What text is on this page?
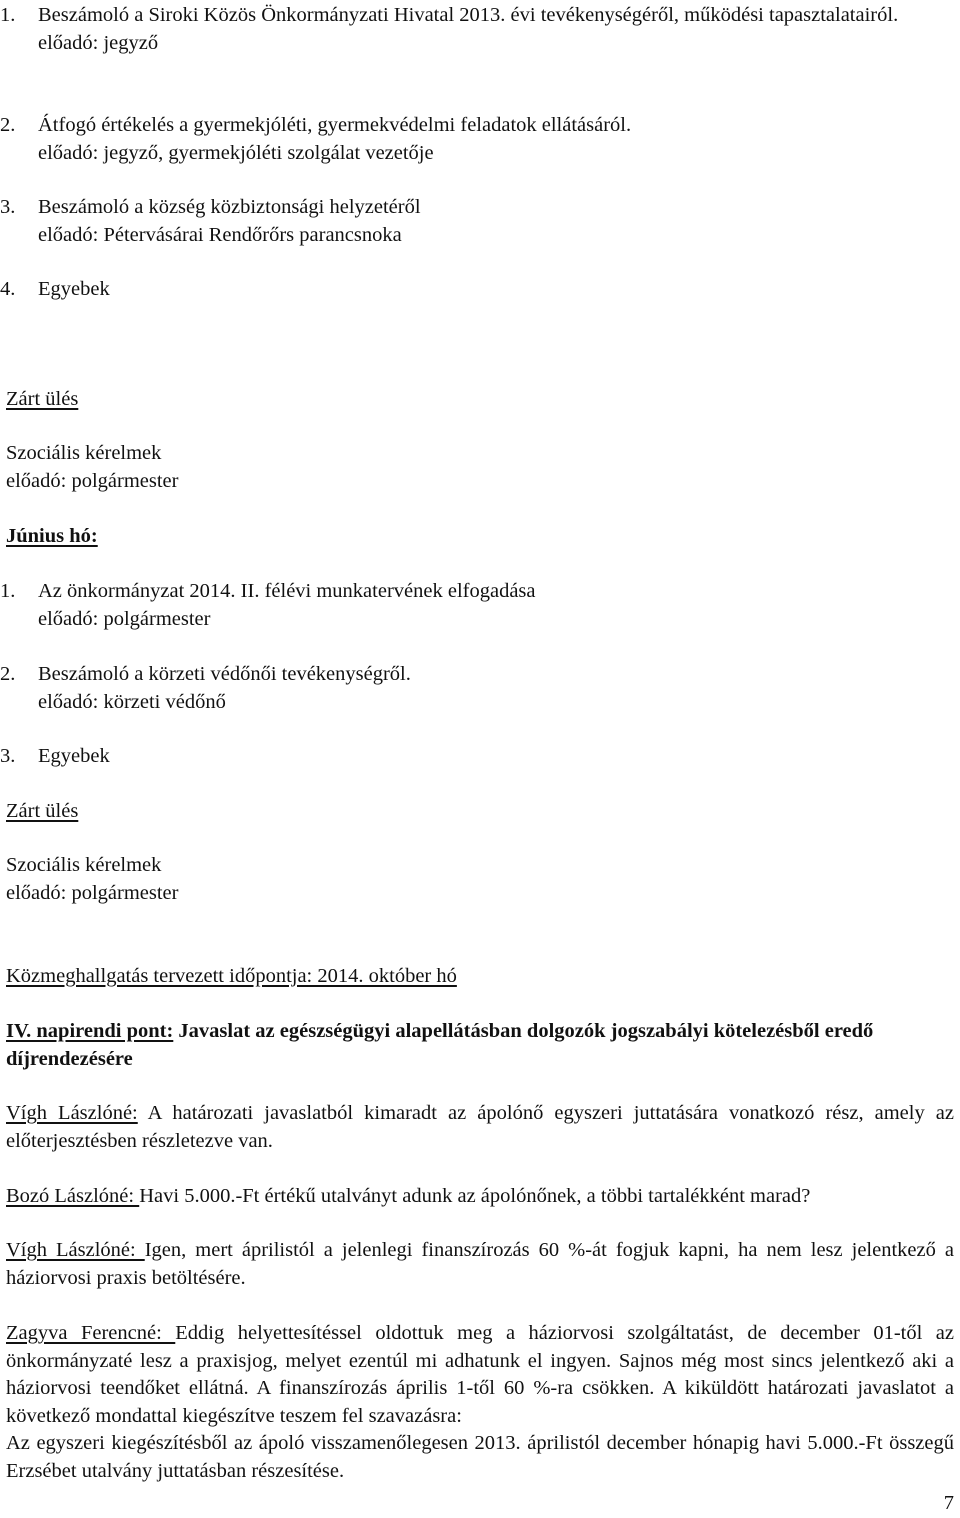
1. Beszámoló a Siroki Közös Önkormányzati Hivatal 2013. évi tevékenységéről, működési tapasztalatairól.
előadó: jegyző
2. Átfogó értékelés a gyermekjóléti, gyermekvédelmi feladatok ellátásáról.
előadó: jegyző, gyermekjóléti szolgálat vezetője
3. Beszámoló a község közbiztonsági helyzetéről
előadó: Pétervásárai Rendőrőrs parancsnoka
4. Egyebek
Zárt ülés
Szociális kérelmek
előadó: polgármester
Június hó:
1. Az önkormányzat 2014. II. félévi munkatervének elfogadása
előadó: polgármester
2. Beszámoló a körzeti védőnői tevékenységről.
előadó: körzeti védőnő
3. Egyebek
Zárt ülés
Szociális kérelmek
előadó: polgármester
Közmeghallgatás tervezett időpontja: 2014. október hó
IV. napirendi pont: Javaslat az egészségügyi alapellátásban dolgozók jogszabályi kötelezésből eredő díjrendezésére
Vígh Lászlóné: A határozati javaslatból kimaradt az ápolónő egyszeri juttatására vonatkozó rész, amely az előterjesztésben részletezve van.
Bozó Lászlóné: Havi 5.000.-Ft értékű utalványt adunk az ápolónőnek, a többi tartalékként marad?
Vígh Lászlóné: Igen, mert áprilistól a jelenlegi finanszírozás 60 %-át fogjuk kapni, ha nem lesz jelentkező a háziorvosi praxis betöltésére.
Zagyva Ferencné: Eddig helyettesítéssel oldottuk meg a háziorvosi szolgáltatást, de december 01-től az önkormányzaté lesz a praxisjog, melyet ezentúl mi adhatunk el ingyen. Sajnos még most sincs jelentkező aki a háziorvosi teendőket ellátná. A finanszírozás április 1-től 60 %-ra csökken. A kiküldött határozati javaslatot a következő mondattal kiegészítve teszem fel szavazásra:
Az egyszeri kiegészítésből az ápoló visszamenőlegesen 2013. áprilistól december hónapig havi 5.000.-Ft összegű Erzsébet utalvány juttatásban részesítése.
7
